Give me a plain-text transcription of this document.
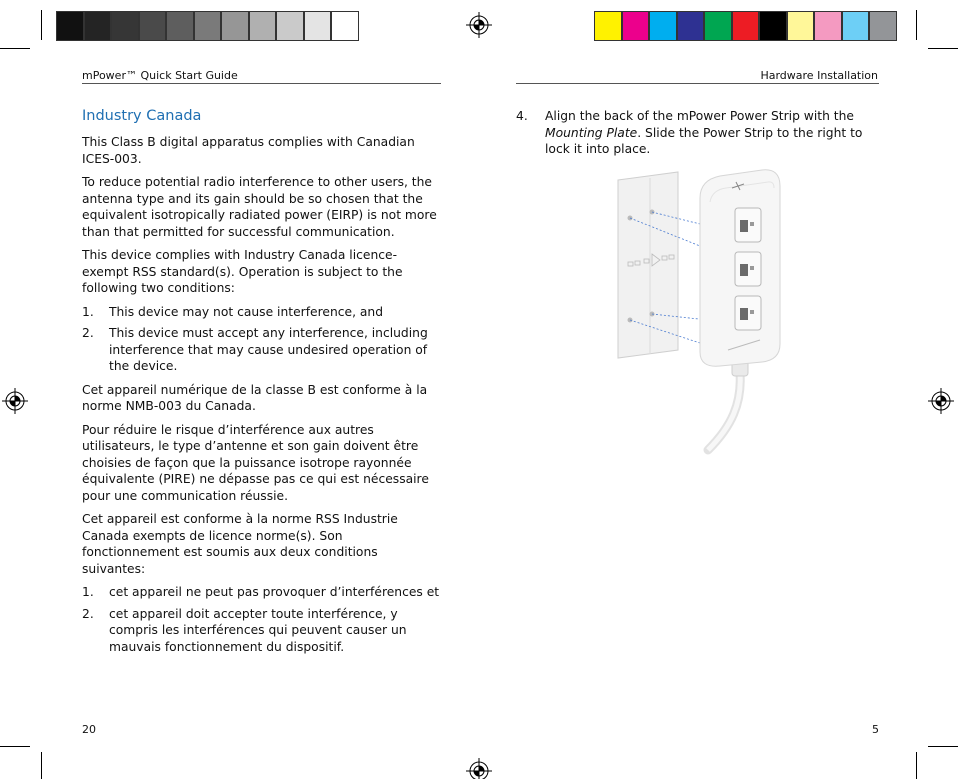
mPower™ Quick Start Guide	Hardware Installation
Industry Canada

This Class B digital apparatus complies with Canadian ICES-003.

To reduce potential radio interference to other users, the antenna type and its gain should be so chosen that the equivalent isotropically radiated power (EIRP) is not more than that permitted for successful communication.

This device complies with Industry Canada licence-exempt RSS standard(s). Operation is subject to the following two conditions:

1.	This device may not cause interference, and
2.	This device must accept any interference, including interference that may cause undesired operation of the device.

Cet appareil numérique de la classe B est conforme à la norme NMB-003 du Canada.

Pour réduire le risque d’interférence aux autres utilisateurs, le type d’antenne et son gain doivent être choisies de façon que la puissance isotrope rayonnée équivalente (PIRE) ne dépasse pas ce qui est nécessaire pour une communication réussie.

Cet appareil est conforme à la norme RSS Industrie Canada exempts de licence norme(s). Son fonctionnement est soumis aux deux conditions suivantes:

1.	cet appareil ne peut pas provoquer d’interférences et
2.	cet appareil doit accepter toute interférence, y compris les interférences qui peuvent causer un mauvais fonctionnement du dispositif.
4.	Align the back of the mPower Power Strip with the Mounting Plate. Slide the Power Strip to the right to lock it into place.

20	5
